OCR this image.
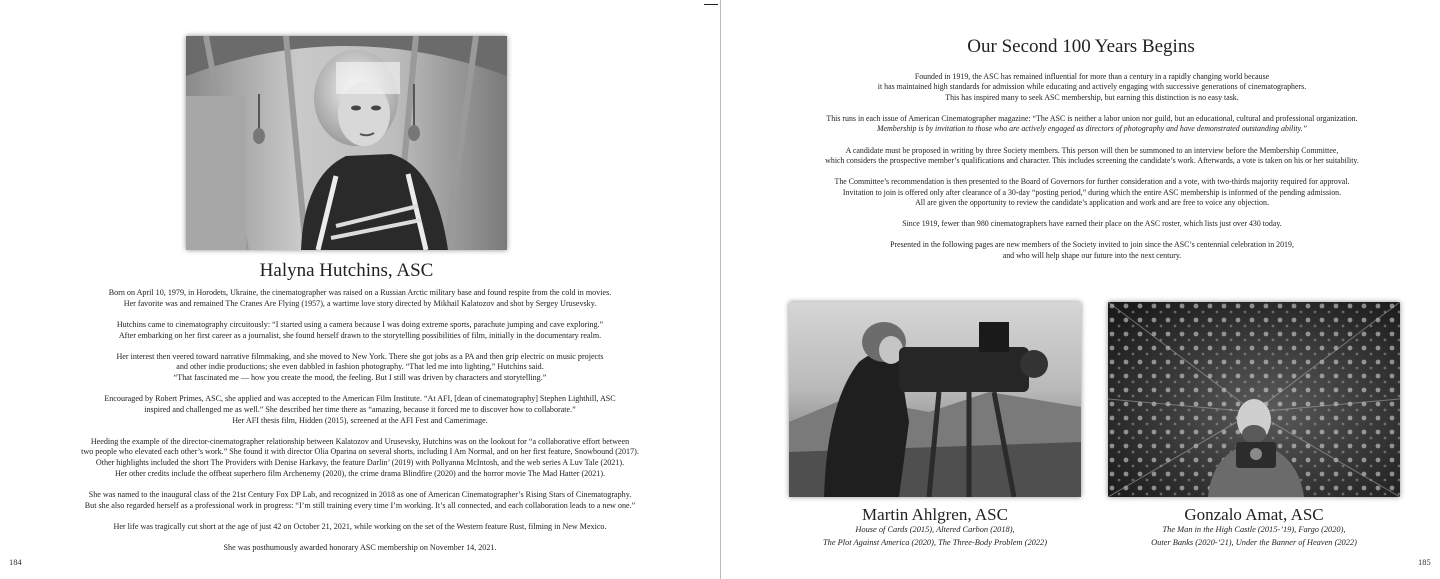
Halyna Hutchins, ASC

Born on April 10, 1979, in Horodets, Ukraine, the cinematographer was raised on a Russian Arctic military base and found respite from the cold in movies.
Her favorite was and remained The Cranes Are Flying (1957), a wartime love story directed by Mikhail Kalatozov and shot by Sergey Urusevsky.

Hutchins came to cinematography circuitously: “I started using a camera because I was doing extreme sports, parachute jumping and cave exploring.”
After embarking on her first career as a journalist, she found herself drawn to the storytelling possibilities of film, initially in the documentary realm.

Her interest then veered toward narrative filmmaking, and she moved to New York. There she got jobs as a PA and then grip electric on music projects
and other indie productions; she even dabbled in fashion photography. “That led me into lighting,” Hutchins said.
“That fascinated me — how you create the mood, the feeling. But I still was driven by characters and storytelling.”

Encouraged by Robert Primes, ASC, she applied and was accepted to the American Film Institute. “At AFI, [dean of cinematography] Stephen Lighthill, ASC
inspired and challenged me as well.” She described her time there as “amazing, because it forced me to discover how to collaborate.”
Her AFI thesis film, Hidden (2015), screened at the AFI Fest and Camerimage.

Heeding the example of the director-cinematographer relationship between Kalatozov and Urusevsky, Hutchins was on the lookout for “a collaborative effort between
two people who elevated each other’s work.” She found it with director Olia Oparina on several shorts, including I Am Normal, and on her first feature, Snowbound (2017).
Other highlights included the short The Providers with Denise Harkavy, the feature Darlin’ (2019) with Pollyanna McIntosh, and the web series A Luv Tale (2021).
Her other credits include the offbeat superhero film Archenemy (2020), the crime drama Blindfire (2020) and the horror movie The Mad Hatter (2021).

She was named to the inaugural class of the 21st Century Fox DP Lab, and recognized in 2018 as one of American Cinematographer’s Rising Stars of Cinematography.
But she also regarded herself as a professional work in progress: “I’m still training every time I’m working. It’s all connected, and each collaboration leads to a new one.”

Her life was tragically cut short at the age of just 42 on October 21, 2021, while working on the set of the Western feature Rust, filming in New Mexico.

She was posthumously awarded honorary ASC membership on November 14, 2021.

184
Our Second 100 Years Begins

Founded in 1919, the ASC has remained influential for more than a century in a rapidly changing world because
it has maintained high standards for admission while educating and actively engaging with successive generations of cinematographers.
This has inspired many to seek ASC membership, but earning this distinction is no easy task.

This runs in each issue of American Cinematographer magazine: “The ASC is neither a labor union nor guild, but an educational, cultural and professional organization.
Membership is by invitation to those who are actively engaged as directors of photography and have demonstrated outstanding ability.”

A candidate must be proposed in writing by three Society members. This person will then be summoned to an interview before the Membership Committee,
which considers the prospective member’s qualifications and character. This includes screening the candidate’s work. Afterwards, a vote is taken on his or her suitability.

The Committee’s recommendation is then presented to the Board of Governors for further consideration and a vote, with two-thirds majority required for approval.
Invitation to join is offered only after clearance of a 30-day “posting period,” during which the entire ASC membership is informed of the pending admission.
All are given the opportunity to review the candidate’s application and work and are free to voice any objection.

Since 1919, fewer than 980 cinematographers have earned their place on the ASC roster, which lists just over 430 today.

Presented in the following pages are new members of the Society invited to join since the ASC’s centennial celebration in 2019,
and who will help shape our future into the next century.

Martin Ahlgren, ASC
House of Cards (2015), Altered Carbon (2018),
The Plot Against America (2020), The Three-Body Problem (2022)
Gonzalo Amat, ASC
The Man in the High Castle (2015-’19), Fargo (2020),
Outer Banks (2020-’21), Under the Banner of Heaven (2022)
185
